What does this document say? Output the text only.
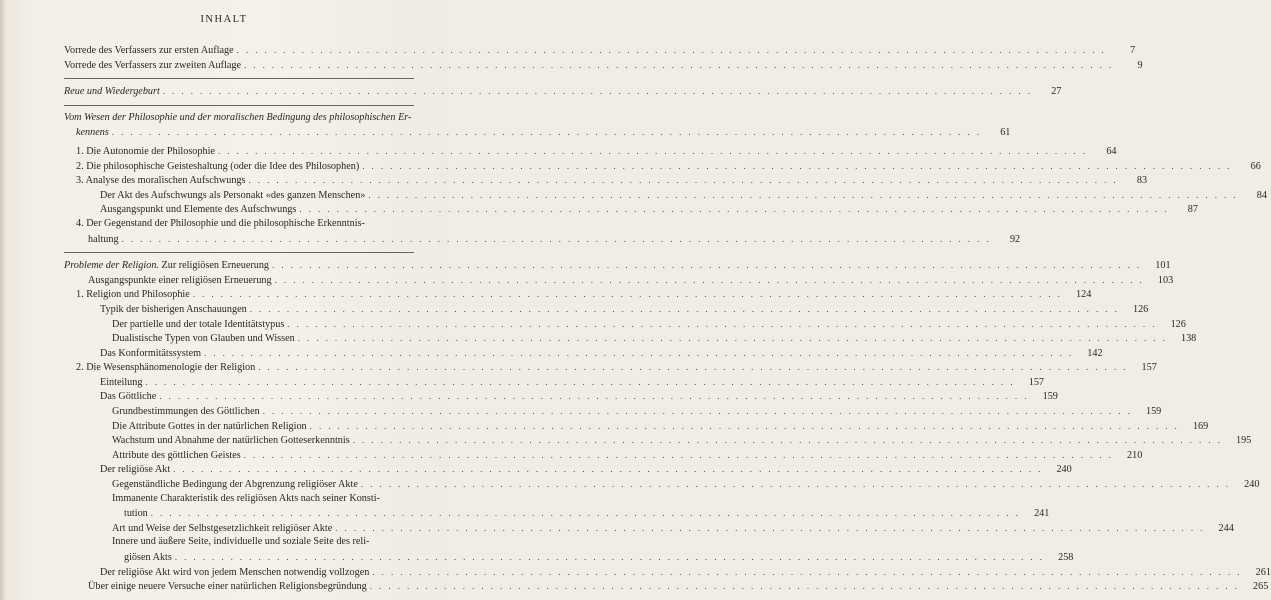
INHALT
Vorrede des Verfassers zur ersten Auflage . . .	7
Vorrede des Verfassers zur zweiten Auflage . . .	9
Reue und Wiedergeburt . . .	27
Vom Wesen der Philosophie und der moralischen Bedingung des philosophischen Er-
kennens . . .	61
1. Die Autonomie der Philosophie . . .	64
2. Die philosophische Geisteshaltung (oder die Idee des Philosophen) . . .	66
3. Analyse des moralischen Aufschwungs . . .	83
Der Akt des Aufschwungs als Personakt «des ganzen Menschen» . . .	84
Ausgangspunkt und Elemente des Aufschwungs . . .	87
4. Der Gegenstand der Philosophie und die philosophische Erkenntnis-
haltung . . .	92
Probleme der Religion. Zur religiösen Erneuerung . . .	101
Ausgangspunkte einer religiösen Erneuerung . . .	103
1. Religion und Philosophie . . .	124
Typik der bisherigen Anschauungen . . .	126
Der partielle und der totale Identitätstypus . . .	126
Dualistische Typen von Glauben und Wissen . . .	138
Das Konformitätssystem . . .	142
2. Die Wesensphänomenologie der Religion . . .	157
Einteilung . . .	157
Das Göttliche . . .	159
Grundbestimmungen des Göttlichen . . .	159
Die Attribute Gottes in der natürlichen Religion . . .	169
Wachstum und Abnahme der natürlichen Gotteserkenntnis . . .	195
Attribute des göttlichen Geistes . . .	210
Der religiöse Akt . . .	240
Gegenständliche Bedingung der Abgrenzung religiöser Akte . . .	240
Immanente Charakteristik des religiösen Akts nach seiner Konsti-
tution . . .	241
Art und Weise der Selbstgesetzlichkeit religiöser Akte . . .	244
Innere und äußere Seite, individuelle und soziale Seite des reli-
giösen Akts . . .	258
Der religiöse Akt wird von jedem Menschen notwendig vollzogen . . .	261
Über einige neuere Versuche einer natürlichen Religionsbegründung . . .	265
